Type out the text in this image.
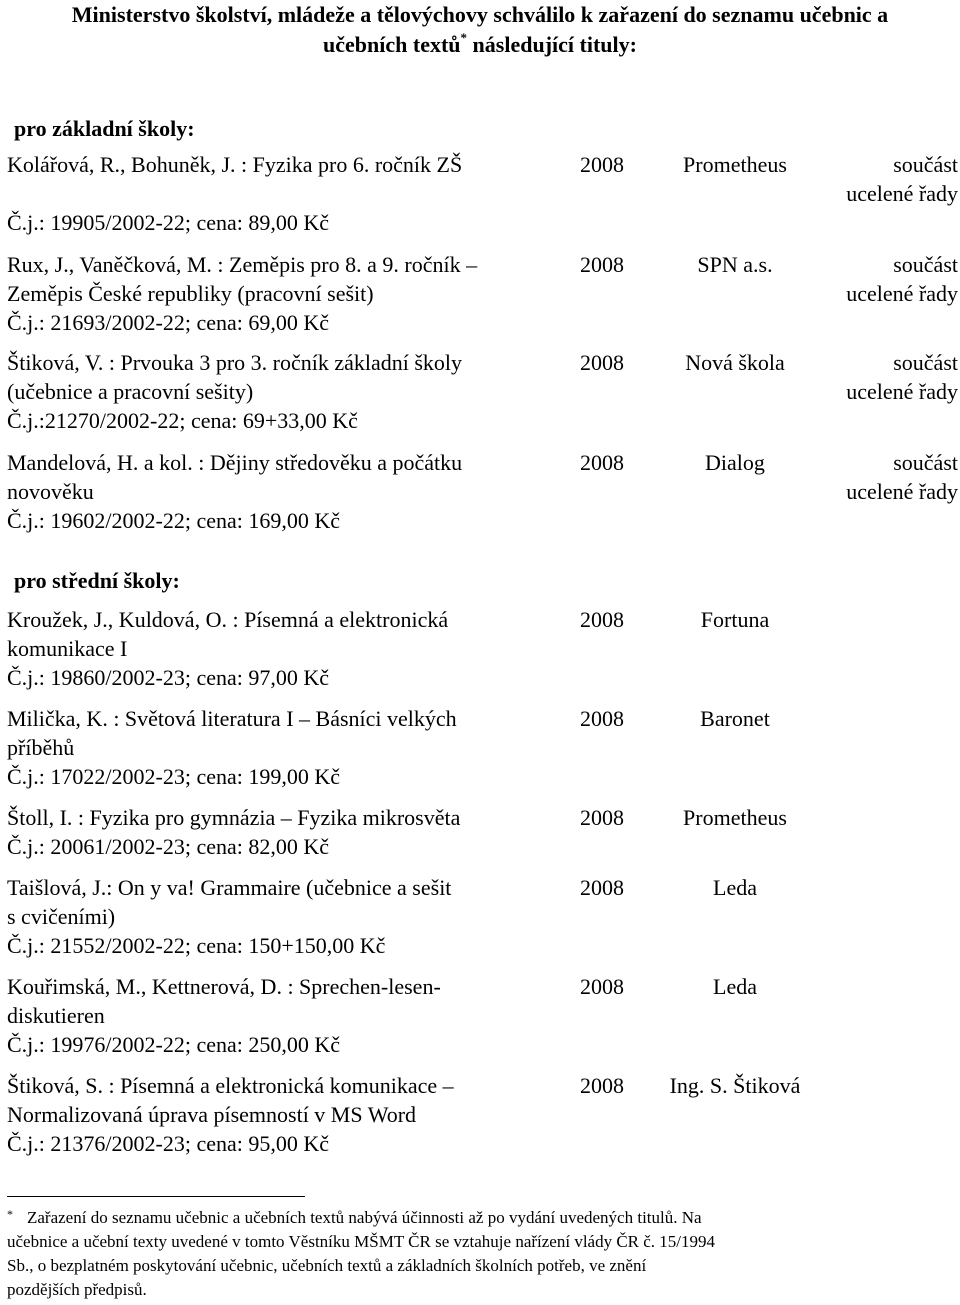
Ministerstvo školství, mládeže a tělovýchovy schválilo k zařazení do seznamu učebnic a

učebních textů* následující tituly:

pro základní školy:
Kolářová, R., Bohuněk, J. : Fyzika pro 6. ročník ZŠ
Č.j.: 19905/2002-22; cena: 89,00 Kč
2008	Prometheus	součást
ucelené řady
Rux, J., Vaněčková, M. : Zeměpis pro 8. a 9. ročník –
Zeměpis České republiky (pracovní sešit)
Č.j.: 21693/2002-22; cena: 69,00 Kč
2008	SPN a.s.	součást
ucelené řady
Štiková, V. : Prvouka 3 pro 3. ročník základní školy
(učebnice a pracovní sešity)
Č.j.:21270/2002-22; cena: 69+33,00 Kč
2008	Nová škola	součást
ucelené řady
Mandelová, H. a kol. : Dějiny středověku a počátku
novověku
Č.j.: 19602/2002-22; cena: 169,00 Kč
2008	Dialog	součást
ucelené řady
pro střední školy:
Kroužek, J., Kuldová, O. : Písemná a elektronická
komunikace I
Č.j.: 19860/2002-23; cena: 97,00 Kč
2008	Fortuna
Milička, K. : Světová literatura I – Básníci velkých
příběhů
Č.j.: 17022/2002-23; cena: 199,00 Kč
2008	Baronet
Štoll, I. : Fyzika pro gymnázia – Fyzika mikrosvěta
Č.j.: 20061/2002-23; cena: 82,00 Kč
2008	Prometheus
Taišlová, J.: On y va! Grammaire (učebnice a sešit
s cvičeními)
Č.j.: 21552/2002-22; cena: 150+150,00 Kč
2008	Leda
Kouřimská, M., Kettnerová, D. : Sprechen-lesen-
diskutieren
Č.j.: 19976/2002-22; cena: 250,00 Kč
2008	Leda
Štiková, S. : Písemná a elektronická komunikace –
Normalizovaná úprava písemností v MS Word
Č.j.: 21376/2002-23; cena: 95,00 Kč
2008	Ing. S. Štiková

* Zařazení do seznamu učebnic a učebních textů nabývá účinnosti až po vydání uvedených titulů. Na

učebnice a učební texty uvedené v tomto Věstníku MŠMT ČR se vztahuje nařízení vlády ČR č. 15/1994

Sb., o bezplatném poskytování učebnic, učebních textů a základních školních potřeb, ve znění

pozdějších předpisů.
